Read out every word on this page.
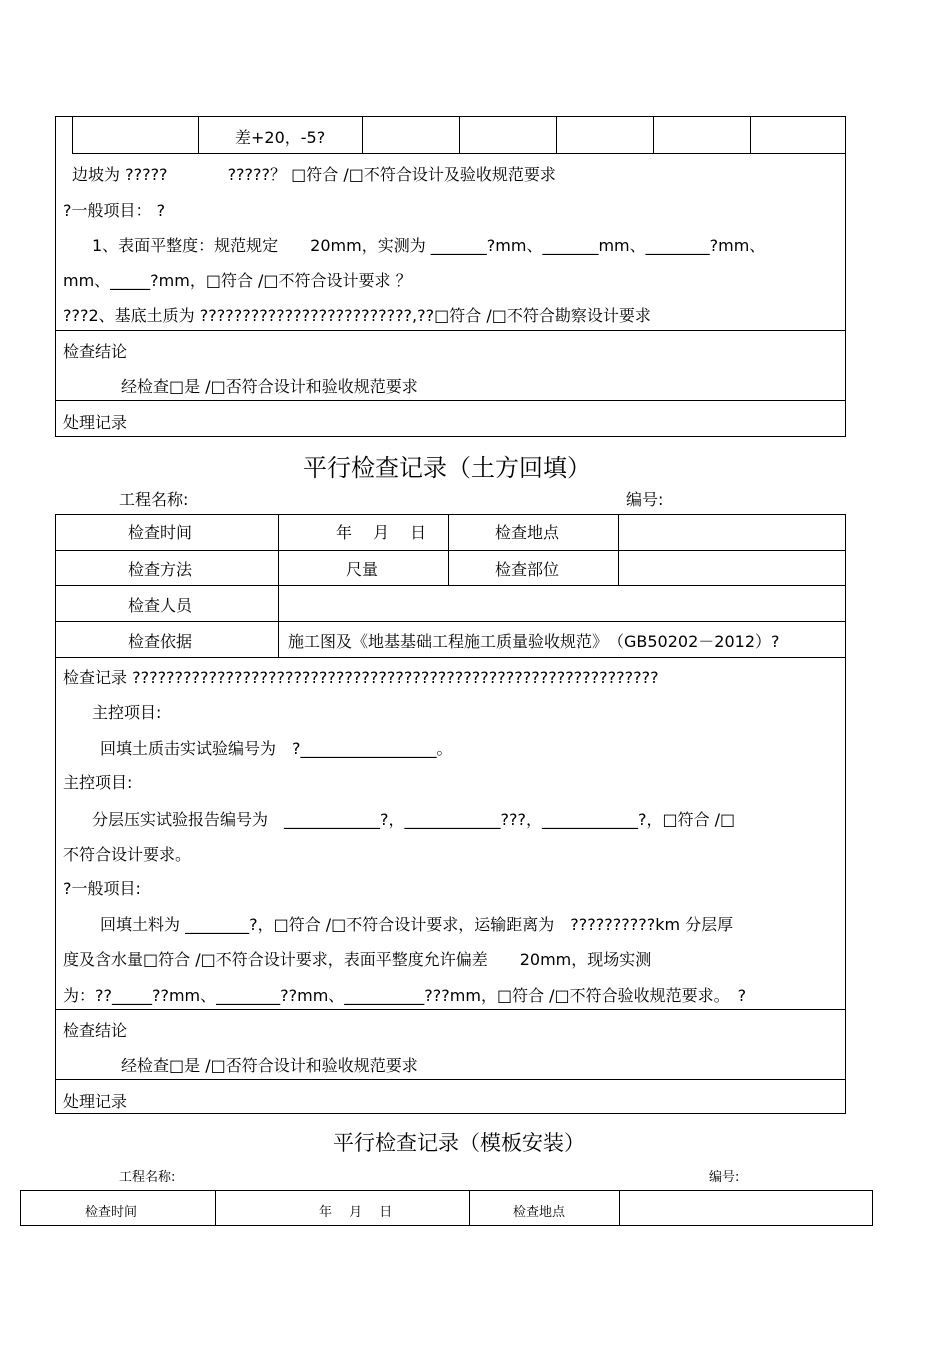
差+20，-5?
边坡为 ?????	?????？ □符合 /□不符合设计及验收规范要求
?一般项目： ?
1、表面平整度：规范规定　　20mm，实测为 _______?mm、_______mm、________?mm、
mm、_____?mm，□符合 /□不符合设计要求 ？
???2、基底土质为 ?????????????????????????,??□符合 /□不符合勘察设计要求
检查结论
经检查□是 /□否符合设计和验收规范要求
处理记录
平行检查记录（土方回填）
工程名称:	编号:
检查时间	年　 月　 日	检查地点
检查方法	尺量	检查部位
检查人员
检查依据	施工图及《地基基础工程施工质量验收规范》　（GB50202－2012）?
检查记录 ??????????????????????????????????????????????????????????????
主控项目:
回填土质击实试验编号为　?_________________。
主控项目:
分层压实试验报告编号为　____________?，____________???，____________?，□符合 /□
不符合设计要求。
?一般项目:
回填土料为 ________?，□符合 /□不符合设计要求，运输距离为　??????????km 分层厚
度及含水量□符合 /□不符合设计要求，表面平整度允许偏差　　20mm，现场实测
为：??_____??mm、________??mm、__________???mm，□符合 /□不符合验收规范要求。　?
检查结论
经检查□是 /□否符合设计和验收规范要求
处理记录
平行检查记录（模板安装）
工程名称:	编号:
检查时间	年　 月　 日	检查地点
